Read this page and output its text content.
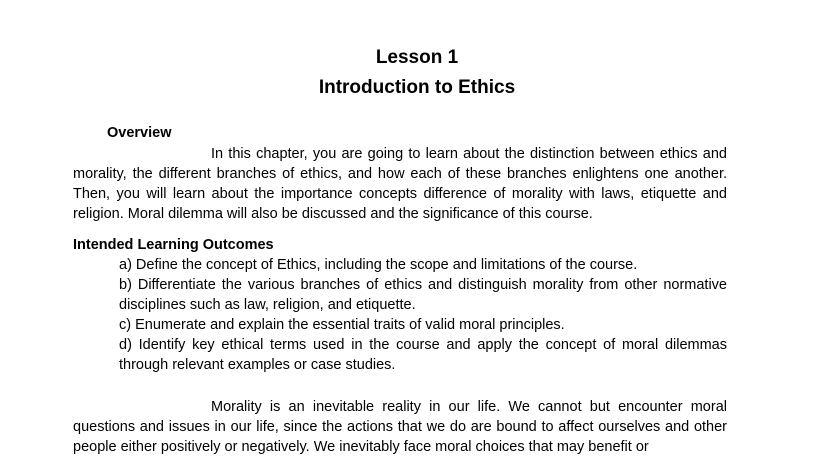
Lesson 1
Introduction to Ethics
Overview

In this chapter, you are going to learn about the distinction between ethics and morality, the different branches of ethics, and how each of these branches enlightens one another. Then, you will learn about the importance concepts difference of morality with laws, etiquette and religion. Moral dilemma will also be discussed and the significance of this course.

Intended Learning Outcomes
a) Define the concept of Ethics, including the scope and limitations of the course.
b) Differentiate the various branches of ethics and distinguish morality from other normative disciplines such as law, religion, and etiquette.
c) Enumerate and explain the essential traits of valid moral principles.
d) Identify key ethical terms used in the course and apply the concept of moral dilemmas through relevant examples or case studies.

Morality is an inevitable reality in our life. We cannot but encounter moral questions and issues in our life, since the actions that we do are bound to affect ourselves and other people either positively or negatively. We inevitably face moral choices that may benefit or
